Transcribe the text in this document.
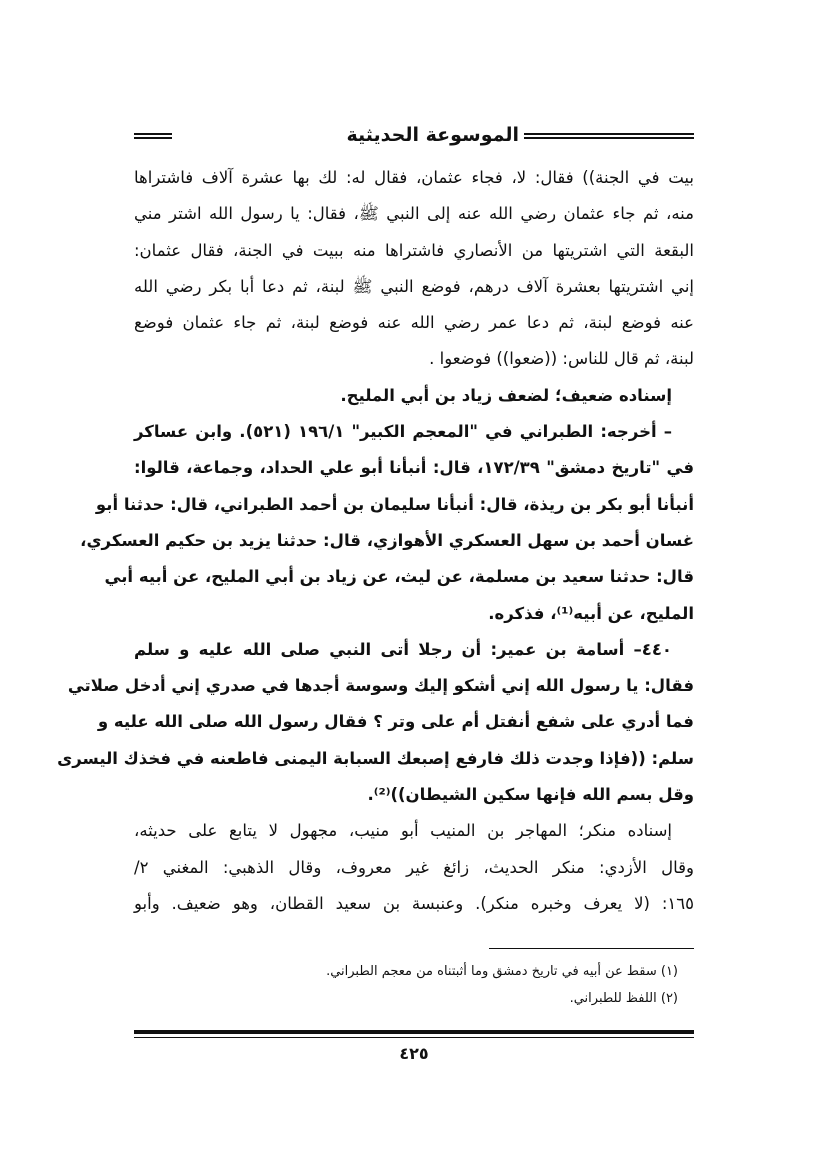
الموسوعة الحديثية
بيت في الجنة)) فقال: لا، فجاء عثمان، فقال له: لك بها عشرة آلاف فاشتراها
منه، ثم جاء عثمان رضي الله عنه إلى النبي ﷺ، فقال: يا رسول الله اشتر مني
البقعة التي اشتريتها من الأنصاري فاشتراها منه ببيت في الجنة، فقال عثمان:
إني اشتريتها بعشرة آلاف درهم، فوضع النبي ﷺ لبنة، ثم دعا أبا بكر رضي الله
عنه فوضع لبنة، ثم دعا عمر رضي الله عنه فوضع لبنة، ثم جاء عثمان فوضع
لبنة، ثم قال للناس: ((ضعوا)) فوضعوا .
إسناده ضعيف؛ لضعف زياد بن أبي المليح.
– أخرجه: الطبراني في "المعجم الكبير" ١٩٦/١ (٥٢١). وابن عساكر
في "تاريخ دمشق" ١٧٢/٣٩، قال: أنبأنا أبو علي الحداد، وجماعة، قالوا:
أنبأنا أبو بكر بن ريذة، قال: أنبأنا سليمان بن أحمد الطبراني، قال: حدثنا أبو
غسان أحمد بن سهل العسكري الأهوازي، قال: حدثنا يزيد بن حكيم العسكري،
قال: حدثنا سعيد بن مسلمة، عن ليث، عن زياد بن أبي المليح، عن أبيه أبي
المليح، عن أبيه⁽¹⁾، فذكره.
٤٤٠– أسامة بن عمير: أن رجلا أتى النبي صلى الله عليه و سلم
فقال: يا رسول الله إني أشكو إليك وسوسة أجدها في صدري إني أدخل صلاتي
فما أدري على شفع أنفتل أم على وتر ؟ فقال رسول الله صلى الله عليه و
سلم: ((فإذا وجدت ذلك فارفع إصبعك السبابة اليمنى فاطعنه في فخذك اليسرى
وقل بسم الله فإنها سكين الشيطان))⁽²⁾.
إسناده منكر؛ المهاجر بن المنيب أبو منيب، مجهول لا يتابع على حديثه،
وقال الأزدي: منكر الحديث، زائغ غير معروف، وقال الذهبي: المغني ٢/
١٦٥: (لا يعرف وخبره منكر). وعنبسة بن سعيد القطان، وهو ضعيف. وأبو
(١) سقط عن أبيه في تاريخ دمشق وما أثبتناه من معجم الطبراني.
(٢) اللفظ للطبراني.
٤٢٥
